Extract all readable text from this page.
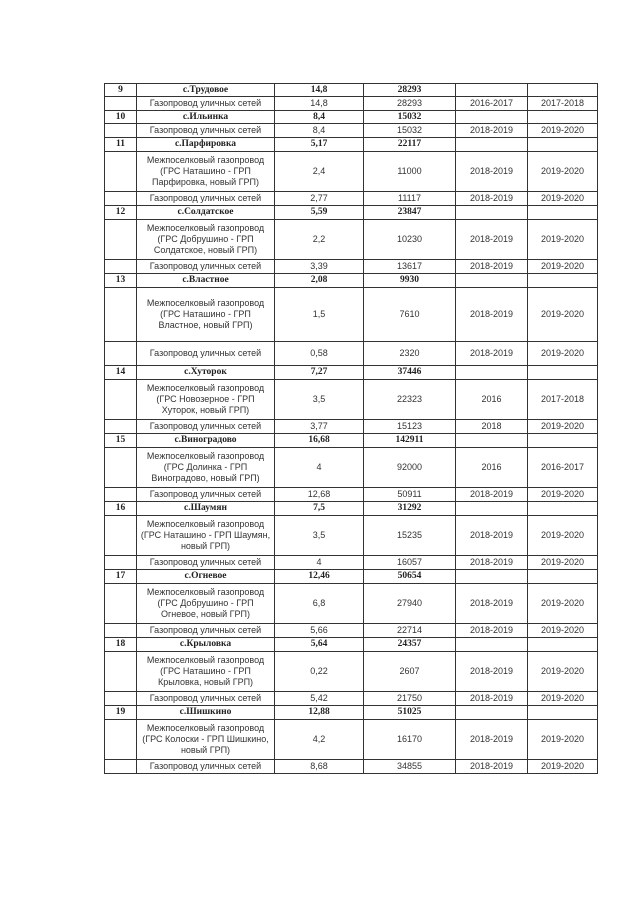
9	с.Трудовое	14,8	28293		
	Газопровод уличных сетей	14,8	28293	2016-2017	2017-2018
10	с.Ильинка	8,4	15032		
	Газопровод уличных сетей	8,4	15032	2018-2019	2019-2020
11	с.Парфировка	5,17	22117		
	Межпоселковый газопровод (ГРС Наташино - ГРП Парфировка, новый ГРП)	2,4	11000	2018-2019	2019-2020
	Газопровод уличных сетей	2,77	11117	2018-2019	2019-2020
12	с.Солдатское	5,59	23847		
	Межпоселковый газопровод (ГРС Добрушино - ГРП Солдатское, новый ГРП)	2,2	10230	2018-2019	2019-2020
	Газопровод уличных сетей	3,39	13617	2018-2019	2019-2020
13	с.Властное	2,08	9930		
	Межпоселковый газопровод (ГРС Наташино - ГРП Властное, новый ГРП)	1,5	7610	2018-2019	2019-2020
	Газопровод уличных сетей	0,58	2320	2018-2019	2019-2020
14	с.Хуторок	7,27	37446		
	Межпоселковый газопровод (ГРС Новозерное - ГРП Хуторок, новый ГРП)	3,5	22323	2016	2017-2018
	Газопровод уличных сетей	3,77	15123	2018	2019-2020
15	с.Виноградово	16,68	142911		
	Межпоселковый газопровод (ГРС Долинка - ГРП Виноградово, новый ГРП)	4	92000	2016	2016-2017
	Газопровод уличных сетей	12,68	50911	2018-2019	2019-2020
16	с.Шаумян	7,5	31292		
	Межпоселковый газопровод (ГРС Наташино - ГРП Шаумян, новый ГРП)	3,5	15235	2018-2019	2019-2020
	Газопровод уличных сетей	4	16057	2018-2019	2019-2020
17	с.Огневое	12,46	50654		
	Межпоселковый газопровод (ГРС Добрушино - ГРП Огневое, новый ГРП)	6,8	27940	2018-2019	2019-2020
	Газопровод уличных сетей	5,66	22714	2018-2019	2019-2020
18	с.Крыловка	5,64	24357		
	Межпоселковый газопровод (ГРС Наташино - ГРП Крыловка, новый ГРП)	0,22	2607	2018-2019	2019-2020
	Газопровод уличных сетей	5,42	21750	2018-2019	2019-2020
19	с.Шишкино	12,88	51025		
	Межпоселковый газопровод (ГРС Колоски - ГРП Шишкино, новый ГРП)	4,2	16170	2018-2019	2019-2020
	Газопровод уличных сетей	8,68	34855	2018-2019	2019-2020
